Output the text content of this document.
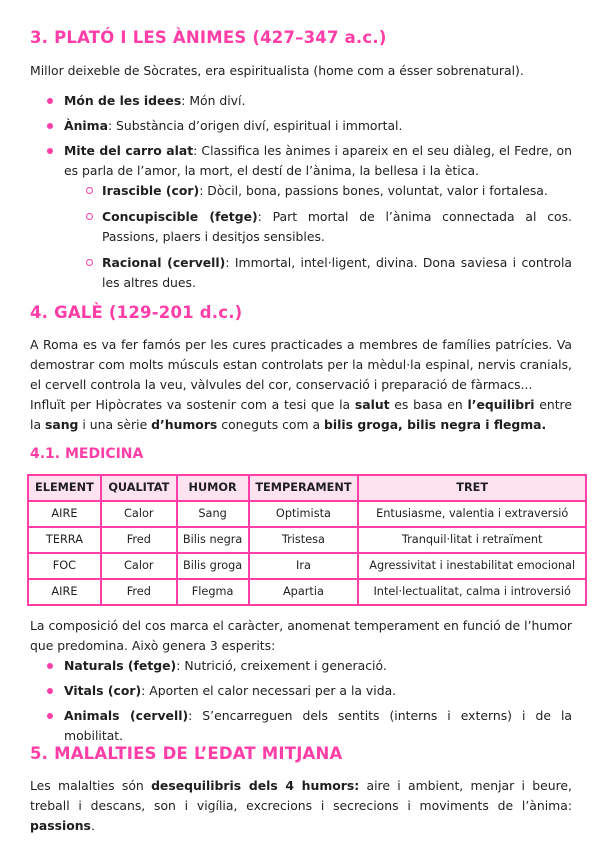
3. PLATÓ I LES ÀNIMES (427–347 a.c.)

Millor deixeble de Sòcrates, era espiritualista (home com a ésser sobrenatural).

Món de les idees: Món diví.
Ànima: Substància d’origen diví, espiritual i immortal.
Mite del carro alat: Classifica les ànimes i apareix en el seu diàleg, el Fedre, on es parla de l’amor, la mort, el destí de l’ànima, la bellesa i la ètica.
Irascible (cor): Dòcil, bona, passions bones, voluntat, valor i fortalesa.
Concupiscible (fetge): Part mortal de l’ànima connectada al cos. Passions, plaers i desitjos sensibles.
Racional (cervell): Immortal, intel·ligent, divina. Dona saviesa i controla les altres dues.
4. GALÈ (129-201 d.c.)

A Roma es va fer famós per les cures practicades a membres de famílies patrícies. Va demostrar com molts músculs estan controlats per la mèdul·la espinal, nervis cranials, el cervell controla la veu, vàlvules del cor, conservació i preparació de fàrmacs...

Influït per Hipòcrates va sostenir com a tesi que la salut es basa en l’equilibri entre la sang i una sèrie d’humors coneguts com a bilis groga, bilis negra i flegma.

4.1. MEDICINA
ELEMENT	QUALITAT	HUMOR	TEMPERAMENT	TRET
AIRE	Calor	Sang	Optimista	Entusiasme, valentia i extraversió
TERRA	Fred	Bilis negra	Tristesa	Tranquil·litat i retraïment
FOC	Calor	Bilis groga	Ira	Agressivitat i inestabilitat emocional
AIRE	Fred	Flegma	Apartia	Intel·lectualitat, calma i introversió

La composició del cos marca el caràcter, anomenat temperament en funció de l’humor que predomina. Això genera 3 esperits:

Naturals (fetge): Nutrició, creixement i generació.
Vitals (cor): Aporten el calor necessari per a la vida.
Animals (cervell): S’encarreguen dels sentits (interns i externs) i de la mobilitat.
5. MALALTIES DE L’EDAT MITJANA

Les malalties són desequilibris dels 4 humors: aire i ambient, menjar i beure, treball i descans, son i vigília, excrecions i secrecions i moviments de l’ànima: passions.
